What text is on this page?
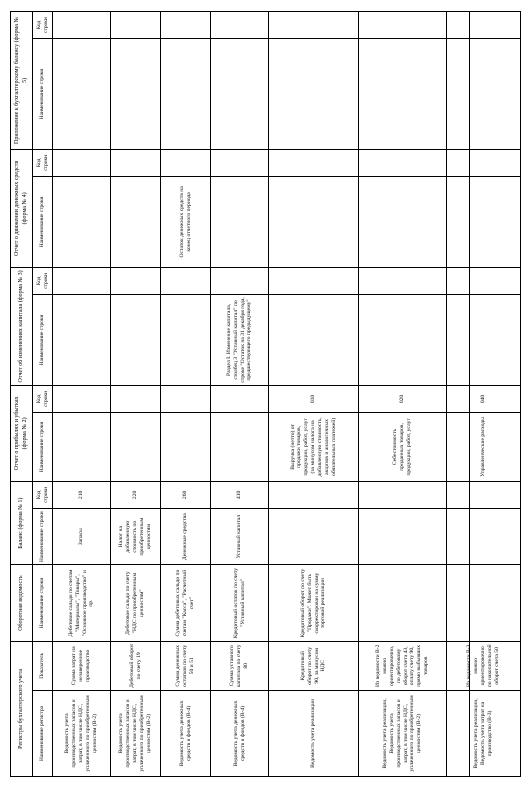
Регистры бухгалтерского учета		Оборотная ведомость	Баланс (форма № 1)		Отчет о прибылях и убытках (форма № 2)		Отчет об изменениях капитала (форма № 3)		Отчет о движении денежных средств (форма № 4)		Приложение к бухгалтерскому балансу (форма № 5)	
Наименование регистра	Показатель	Наименование строки	Наименование строки	Код строки	Наименование строки	Код строки	Наименование строки	Код строки	Наименование строки	Код строки	Наименование строки	Код строки
Ведомость учета производственных запасов и затрат, в том числе НДС, уплаченного по приобретенным ценностям (В-2)	Сумма затрат на незаверенное производство	Дебетовое сальдо по счетам "Материалы", "Товары", "Основное производство" и пр.	Запасы	210								
Ведомость учета производственных запасов и затрат, в том числе НДС, уплаченного по приобретенным ценностям (В-2)	Дебетовый оборот по счету 19	Дебетовое сальдо по счету "НДС по приобретенным ценностям"	Налог на добавленную стоимость по приобретенным ценностям	220								
Ведомость учета денежных средств и фондов (В-4)	Сумма денежных остатков по счету 50 и 51	Сумма дебетовых сальдо по счетам "Касса", "Расчетный счет"	Денежные средства	260					Остаток денежных средств на конец отчетного периода			
Ведомость учета денежных средств и фондов (В-4)	Сумма уставного капитала по счету 80	Кредитовый остаток по счету "Уставный капитал"	Уставный капитал	410			Раздел I. Изменение капитала, столбец 3 "Уставный капитал" по строке "Остаток на 31 декабря года, предшествующего предыдущему"					
Ведомость учета реализации	Кредитовый оборот по счету 90, за минусом НДС	Кредитовый оборот по счету "Продажи". Может быть скорректирован на сумму торговой реализации			Выручка (нетто) от продажи товаров, продукции, работ, услуг (за минусом налога на добавленную стоимость, акцизов и аналогичных обязательных платежей)	010						
Ведомость учета реализации, Ведомость учета производственных запасов и затрат, в том числе НДС, уплаченного по приобретенным ценностям (В-2)	Из ведомости В-2 можно ориентировочно, по дебетовому оборот счета 43, оплату счету 90, прямо выбывших товаров				Себестоимость проданных товаров, продукции, работ, услуг	020						
Ведомость учета реализации, Ведомость учета затрат на производство (В-3)	Из ведомости В-3 можно ориентировочно по накопительной оборот счета 50				Управленческие расходы	040						
